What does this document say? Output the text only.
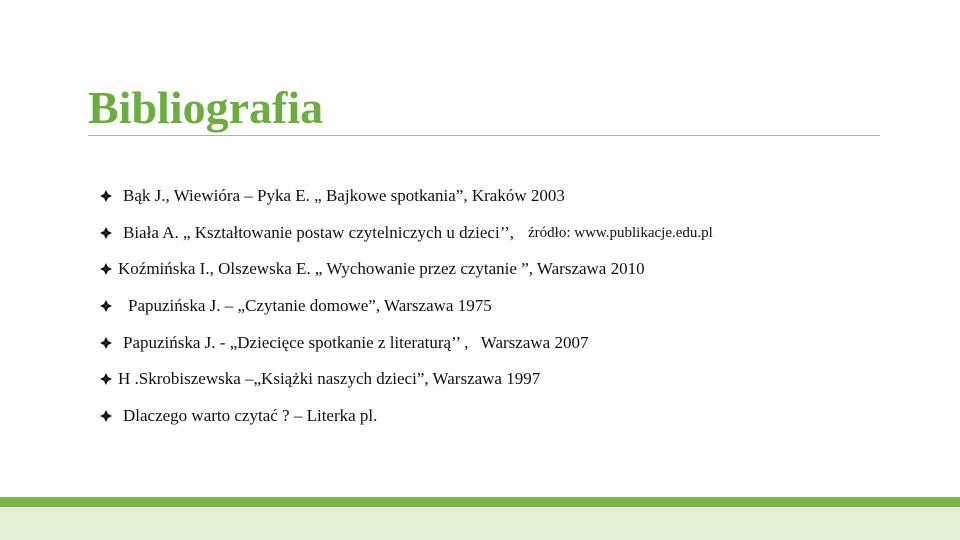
Bibliografia

Bąk J., Wiewióra – Pyka E. „ Bajkowe spotkania”, Kraków 2003

Biała A. „ Kształtowanie postaw czytelniczych u dzieci’’, źródło: www.publikacje.edu.pl

Koźmińska I., Olszewska E. „ Wychowanie przez czytanie ”, Warszawa 2010

Papuzińska J. – „Czytanie domowe”, Warszawa 1975

Papuzińska J. - „Dziecięce spotkanie z literaturą’’ ,   Warszawa 2007

H .Skrobiszewska –„Książki naszych dzieci”, Warszawa 1997

Dlaczego warto czytać ? – Literka pl.
